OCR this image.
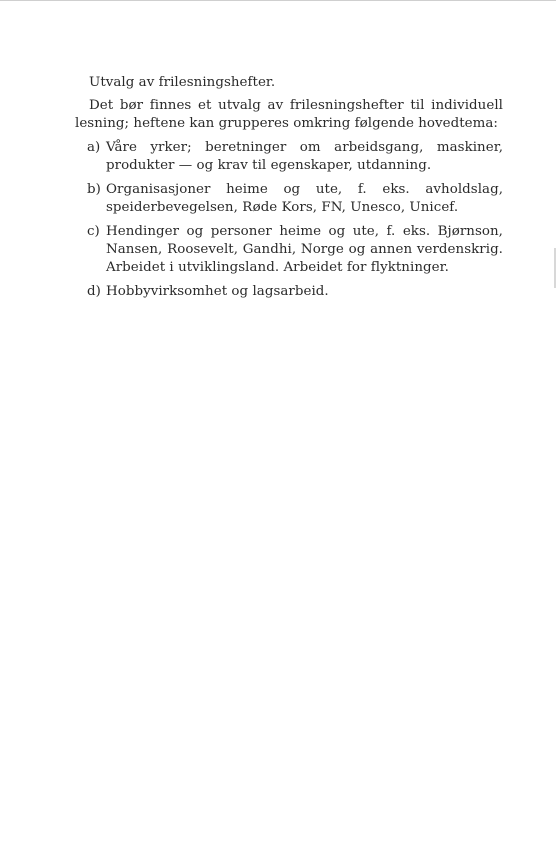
Utvalg av frilesningshefter.

Det bør finnes et utvalg av frilesningshefter til individuell lesning; heftene kan grupperes omkring følgende hovedtema:

a) Våre yrker; beretninger om arbeidsgang, maskiner, produkter — og krav til egenskaper, utdanning.
b) Organisasjoner heime og ute, f. eks. avholdslag, speiderbevegelsen, Røde Kors, FN, Unesco, Unicef.
c) Hendinger og personer heime og ute, f. eks. Bjørnson, Nansen, Roosevelt, Gandhi, Norge og annen verdenskrig. Arbeidet i utviklingsland. Arbeidet for flyktninger.
d) Hobbyvirksomhet og lagsarbeid.
